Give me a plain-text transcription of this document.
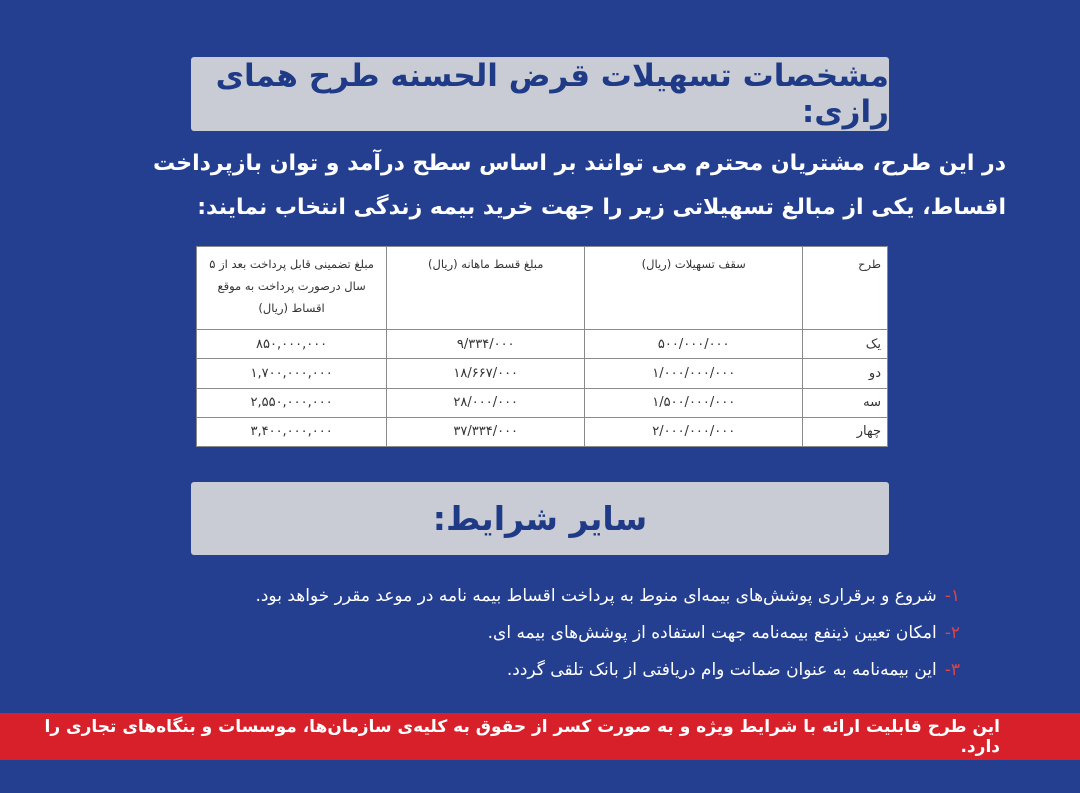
مشخصات تسهیلات قرض الحسنه طرح همای رازی:
در این طرح، مشتریان محترم می توانند بر اساس سطح درآمد و توان بازپرداخت اقساط، یکی از مبالغ تسهیلاتی زیر را جهت خرید بیمه زندگی انتخاب نمایند:
طرح	سقف تسهیلات (ریال)	مبلغ قسط ماهانه (ریال)	مبلغ تضمینی قابل پرداخت بعد از ۵ سال درصورت پرداخت به موقع اقساط (ریال)
یک	۵۰۰/۰۰۰/۰۰۰	۹/۳۳۴/۰۰۰	۸۵۰,۰۰۰,۰۰۰
دو	۱/۰۰۰/۰۰۰/۰۰۰	۱۸/۶۶۷/۰۰۰	۱,۷۰۰,۰۰۰,۰۰۰
سه	۱/۵۰۰/۰۰۰/۰۰۰	۲۸/۰۰۰/۰۰۰	۲,۵۵۰,۰۰۰,۰۰۰
چهار	۲/۰۰۰/۰۰۰/۰۰۰	۳۷/۳۳۴/۰۰۰	۳,۴۰۰,۰۰۰,۰۰۰
سایر شرایط:
۱-شروع و برقراری پوشش‌های بیمه‌ای منوط به پرداخت اقساط بیمه نامه در موعد مقرر خواهد بود.
۲-امکان تعیین ذینفع بیمه‌نامه جهت استفاده از پوشش‌های بیمه ای.
۳-این بیمه‌نامه به عنوان ضمانت وام دریافتی از بانک تلقی گردد.
این طرح قابلیت ارائه با شرایط ویژه و به صورت کسر از حقوق به کلیه‌ی سازمان‌ها، موسسات و بنگاه‌های تجاری را دارد.
